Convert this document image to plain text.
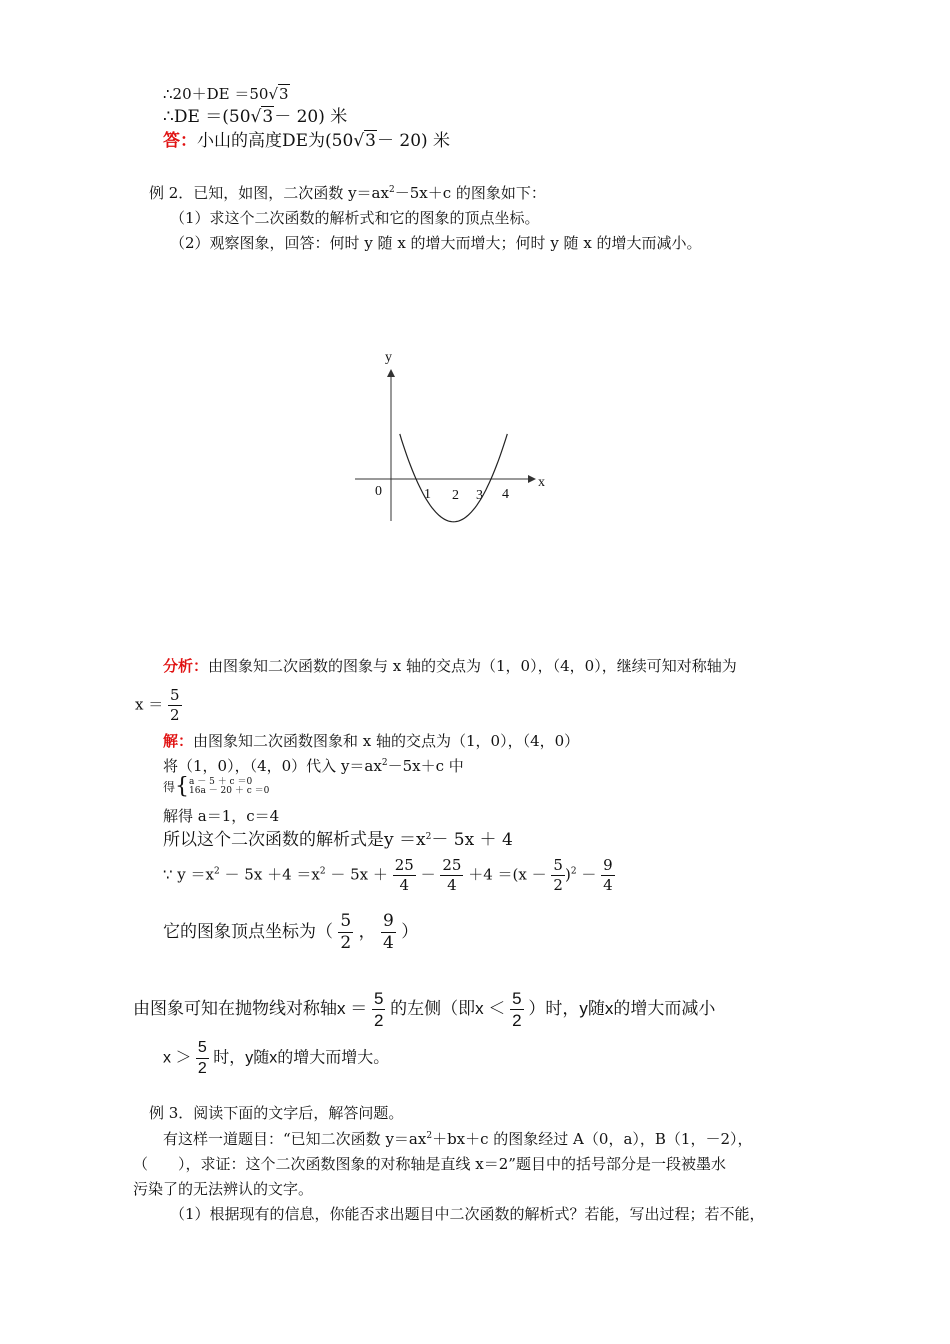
∴20＋DE ＝50√3
∴DE ＝(50√3－ 20) 米
答：小山的高度DE为(50√3－ 20) 米
例 2．已知，如图，二次函数 $y=ax^2-5x+c$ 的图象如下：
（1）求这个二次函数的解析式和它的图象的顶点坐标。
（2）观察图象，回答：何时 y 随 x 的增大而增大；何时 y 随 x 的增大而减小。
y
x
0	1 2 3 4
分析：由图象知二次函数的图象与 x 轴的交点为（1，0），（4，0），继续可知对称轴为
$x = \frac{5}{2}$
解：由图象知二次函数图象和 x 轴的交点为（1，0），（4，0）
将（1，0），（4，0）代入 $y=ax^2-5x+c$ 中
得{ a － 5 ＋ c ＝0
16a － 20 ＋ c ＝0
解得 a＝1，c＝4
所以这个二次函数的解析式是$y =x^2- 5x + 4$
∵ $y =x^2 - 5x +4 =x^2 - 5x + \frac{25}{4} - \frac{25}{4} +4 =(x - \frac{5}{2} )^2 - \frac{9}{4}$
它的图象顶点坐标为（ $\frac{5}{2}$ ， $\frac{9}{4}$ ）
由图象可知在抛物线对称轴$x = \frac{5}{2}$ 的左侧（即$x < \frac{5}{2}$ ）时，y随x的增大而减小
$x > \frac{5}{2}$ 时，y随x的增大而增大。
例 3．阅读下面的文字后，解答问题。
有这样一道题目：“已知二次函数 $y=ax^2+bx+c$ 的图象经过 A（0，a），B（1，－2），
（　　），求证：这个二次函数图象的对称轴是直线 x＝2”题目中的括号部分是一段被墨水
污染了的无法辨认的文字。
（1）根据现有的信息，你能否求出题目中二次函数的解析式？若能，写出过程；若不能，
